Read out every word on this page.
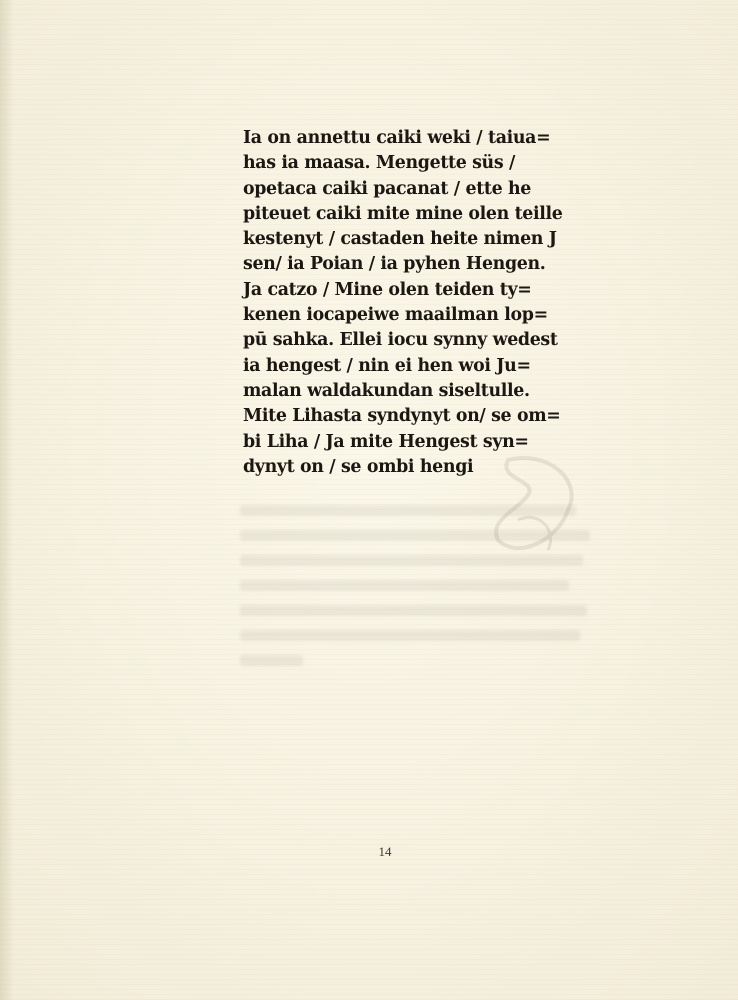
Ia on annettu caiki weki / taiua=
has ia maasa. Mengette süs /
opetaca caiki pacanat / ette he
piteuet caiki mite mine olen teille
kestenyt / castaden heite nimen J
sen/ ia Poian / ia pyhen Hengen.
Ja catzo / Mine olen teiden ty=
kenen iocapeiwe maailman lop=
pū sahka. Ellei iocu synny wedest
ia hengest / nin ei hen woi Ju=
malan waldakundan siseltulle.
Mite Lihasta syndynyt on/ se om=
bi Liha / Ja mite Hengest syn=
dynyt on / se ombi hengi
14
